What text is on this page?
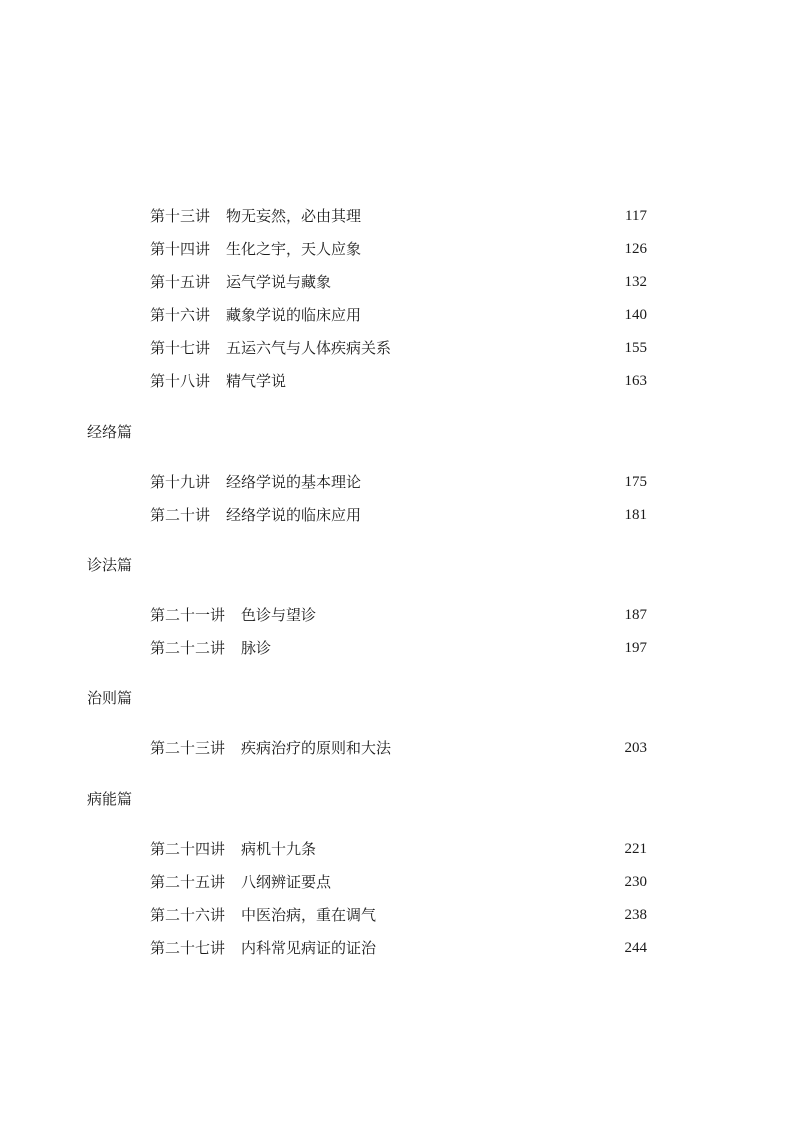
第十三讲 物无妄然，必由其理	117
第十四讲 生化之宇，天人应象	126
第十五讲 运气学说与藏象	132
第十六讲 藏象学说的临床应用	140
第十七讲 五运六气与人体疾病关系	155
第十八讲 精气学说	163
经络篇
第十九讲 经络学说的基本理论	175
第二十讲 经络学说的临床应用	181
诊法篇
第二十一讲 色诊与望诊	187
第二十二讲 脉诊	197
治则篇
第二十三讲 疾病治疗的原则和大法	203
病能篇
第二十四讲 病机十九条	221
第二十五讲 八纲辨证要点	230
第二十六讲 中医治病，重在调气	238
第二十七讲 内科常见病证的证治	244
